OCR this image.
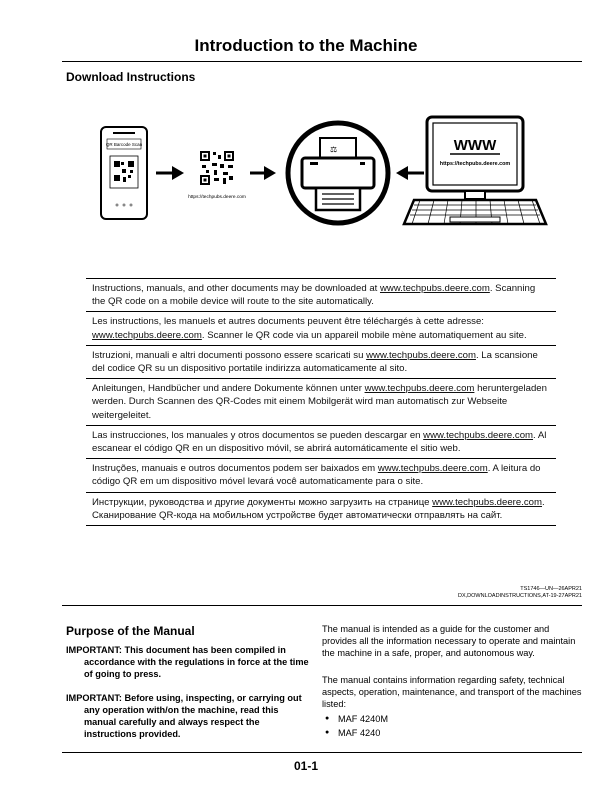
Introduction to the Machine
Download Instructions
QR Barcode Scan
https://techpubs.deere.com
⚖	WWW
https://techpubs.deere.com
Instructions, manuals, and other documents may be downloaded at www.techpubs.deere.com. Scanning the QR code on a mobile device will route to the site automatically.
Les instructions, les manuels et autres documents peuvent être téléchargés à cette adresse: www.techpubs.deere.com. Scanner le QR code via un appareil mobile mène automatiquement au site.
Istruzioni, manuali e altri documenti possono essere scaricati su www.techpubs.deere.com. La scansione del codice QR su un dispositivo portatile indirizza automaticamente al sito.
Anleitungen, Handbücher und andere Dokumente können unter www.techpubs.deere.com heruntergeladen werden. Durch Scannen des QR-Codes mit einem Mobilgerät wird man automatisch zur Webseite weitergeleitet.
Las instrucciones, los manuales y otros documentos se pueden descargar en www.techpubs.deere.com. Al escanear el código QR en un dispositivo móvil, se abrirá automáticamente el sitio web.
Instruções, manuais e outros documentos podem ser baixados em www.techpubs.deere.com. A leitura do código QR em um dispositivo móvel levará você automaticamente para o site.
Инструкции, руководства и другие документы можно загрузить на странице www.techpubs.deere.com. Сканирование QR-кода на мобильном устройстве будет автоматически отправлять на сайт.
TS1746—UN—26APR21
DX,DOWNLOADINSTRUCTIONS,AT-19-27APR21
Purpose of the Manual
IMPORTANT: This document has been compiled in accordance with the regulations in force at the time of going to press.
IMPORTANT: Before using, inspecting, or carrying out any operation with/on the machine, read this manual carefully and always respect the instructions provided.
The manual is intended as a guide for the customer and provides all the information necessary to operate and maintain the machine in a safe, proper, and autonomous way.
The manual contains information regarding safety, technical aspects, operation, maintenance, and transport of the machines listed:
● MAF 4240M
● MAF 4240
01-1
